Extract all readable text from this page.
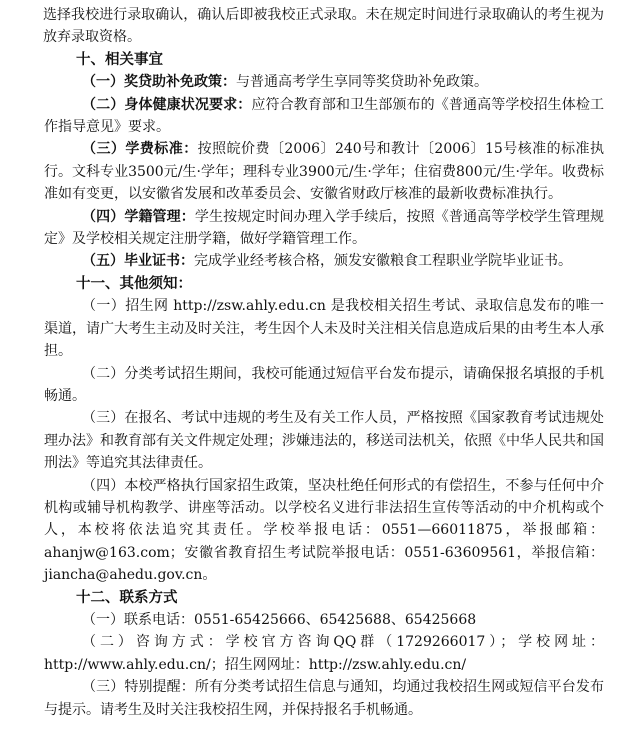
选择我校进行录取确认，确认后即被我校正式录取。未在规定时间进行录取确认的考生视为放弃录取资格。

十、相关事宜

（一）奖贷助补免政策：与普通高考学生享同等奖贷助补免政策。

（二）身体健康状况要求：应符合教育部和卫生部颁布的《普通高等学校招生体检工作指导意见》要求。

（三）学费标准：按照皖价费〔2006〕240号和教计〔2006〕15号核准的标准执行。文科专业3500元/生·学年；理科专业3900元/生·学年；住宿费800元/生·学年。收费标准如有变更，以安徽省发展和改革委员会、安徽省财政厅核准的最新收费标准执行。

（四）学籍管理：学生按规定时间办理入学手续后，按照《普通高等学校学生管理规定》及学校相关规定注册学籍，做好学籍管理工作。

（五）毕业证书：完成学业经考核合格，颁发安徽粮食工程职业学院毕业证书。

十一、其他须知：

（一）招生网 http://zsw.ahly.edu.cn 是我校相关招生考试、录取信息发布的唯一渠道，请广大考生主动及时关注，考生因个人未及时关注相关信息造成后果的由考生本人承担。

（二）分类考试招生期间，我校可能通过短信平台发布提示，请确保报名填报的手机畅通。

（三）在报名、考试中违规的考生及有关工作人员，严格按照《国家教育考试违规处理办法》和教育部有关文件规定处理；涉嫌违法的，移送司法机关，依照《中华人民共和国刑法》等追究其法律责任。

（四）本校严格执行国家招生政策，坚决杜绝任何形式的有偿招生，不参与任何中介机构或辅导机构教学、讲座等活动。以学校名义进行非法招生宣传等活动的中介机构或个人，本校将依法追究其责任。学校举报电话：0551—66011875，举报邮箱：ahanjw@163.com；安徽省教育招生考试院举报电话：0551-63609561，举报信箱：jiancha@ahedu.gov.cn。

十二、联系方式

（一）联系电话：0551-65425666、65425688、65425668

（二）咨询方式：学校官方咨询QQ群（1729266017）；学校网址：http://www.ahly.edu.cn/；招生网网址：http://zsw.ahly.edu.cn/

（三）特别提醒：所有分类考试招生信息与通知，均通过我校招生网或短信平台发布与提示。请考生及时关注我校招生网，并保持报名手机畅通。
